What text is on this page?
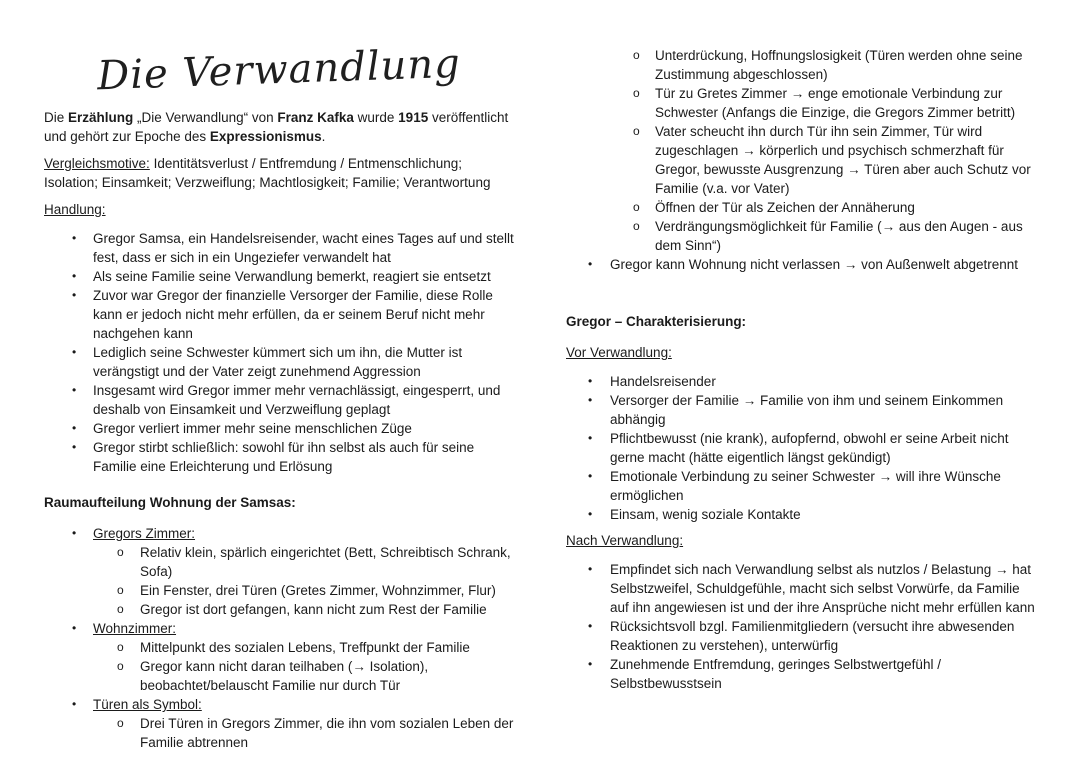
Die Verwandlung

Die Erzählung „Die Verwandlung“ von Franz Kafka wurde 1915 veröffentlicht und gehört zur Epoche des Expressionismus.

Vergleichsmotive: Identitätsverlust / Entfremdung / Entmenschlichung; Isolation; Einsamkeit; Verzweiflung; Machtlosigkeit; Familie; Verantwortung

Handlung:

• Gregor Samsa, ein Handelsreisender, wacht eines Tages auf und stellt fest, dass er sich in ein Ungeziefer verwandelt hat
• Als seine Familie seine Verwandlung bemerkt, reagiert sie entsetzt
• Zuvor war Gregor der finanzielle Versorger der Familie, diese Rolle kann er jedoch nicht mehr erfüllen, da er seinem Beruf nicht mehr nachgehen kann
• Lediglich seine Schwester kümmert sich um ihn, die Mutter ist verängstigt und der Vater zeigt zunehmend Aggression
• Insgesamt wird Gregor immer mehr vernachlässigt, eingesperrt, und deshalb von Einsamkeit und Verzweiflung geplagt
• Gregor verliert immer mehr seine menschlichen Züge
• Gregor stirbt schließlich: sowohl für ihn selbst als auch für seine Familie eine Erleichterung und Erlösung

Raumaufteilung Wohnung der Samsas:

• Gregors Zimmer:
o Relativ klein, spärlich eingerichtet (Bett, Schreibtisch Schrank, Sofa)
o Ein Fenster, drei Türen (Gretes Zimmer, Wohnzimmer, Flur)
o Gregor ist dort gefangen, kann nicht zum Rest der Familie
• Wohnzimmer:
o Mittelpunkt des sozialen Lebens, Treffpunkt der Familie
o Gregor kann nicht daran teilhaben (→ Isolation), beobachtet/belauscht Familie nur durch Tür
• Türen als Symbol:
o Drei Türen in Gregors Zimmer, die ihn vom sozialen Leben der Familie abtrennen
o Unterdrückung, Hoffnungslosigkeit (Türen werden ohne seine Zustimmung abgeschlossen)
o Tür zu Gretes Zimmer → enge emotionale Verbindung zur Schwester (Anfangs die Einzige, die Gregors Zimmer betritt)
o Vater scheucht ihn durch Tür ihn sein Zimmer, Tür wird zugeschlagen → körperlich und psychisch schmerzhaft für Gregor, bewusste Ausgrenzung → Türen aber auch Schutz vor Familie (v.a. vor Vater)
o Öffnen der Tür als Zeichen der Annäherung
o Verdrängungsmöglichkeit für Familie (→ aus den Augen - aus dem Sinn“)
• Gregor kann Wohnung nicht verlassen → von Außenwelt abgetrennt

Gregor – Charakterisierung:

Vor Verwandlung:

• Handelsreisender
• Versorger der Familie → Familie von ihm und seinem Einkommen abhängig
• Pflichtbewusst (nie krank), aufopfernd, obwohl er seine Arbeit nicht gerne macht (hätte eigentlich längst gekündigt)
• Emotionale Verbindung zu seiner Schwester → will ihre Wünsche ermöglichen
• Einsam, wenig soziale Kontakte

Nach Verwandlung:

• Empfindet sich nach Verwandlung selbst als nutzlos / Belastung → hat Selbstzweifel, Schuldgefühle, macht sich selbst Vorwürfe, da Familie auf ihn angewiesen ist und der ihre Ansprüche nicht mehr erfüllen kann
• Rücksichtsvoll bzgl. Familienmitgliedern (versucht ihre abwesenden Reaktionen zu verstehen), unterwürfig
• Zunehmende Entfremdung, geringes Selbstwertgefühl / Selbstbewusstsein
